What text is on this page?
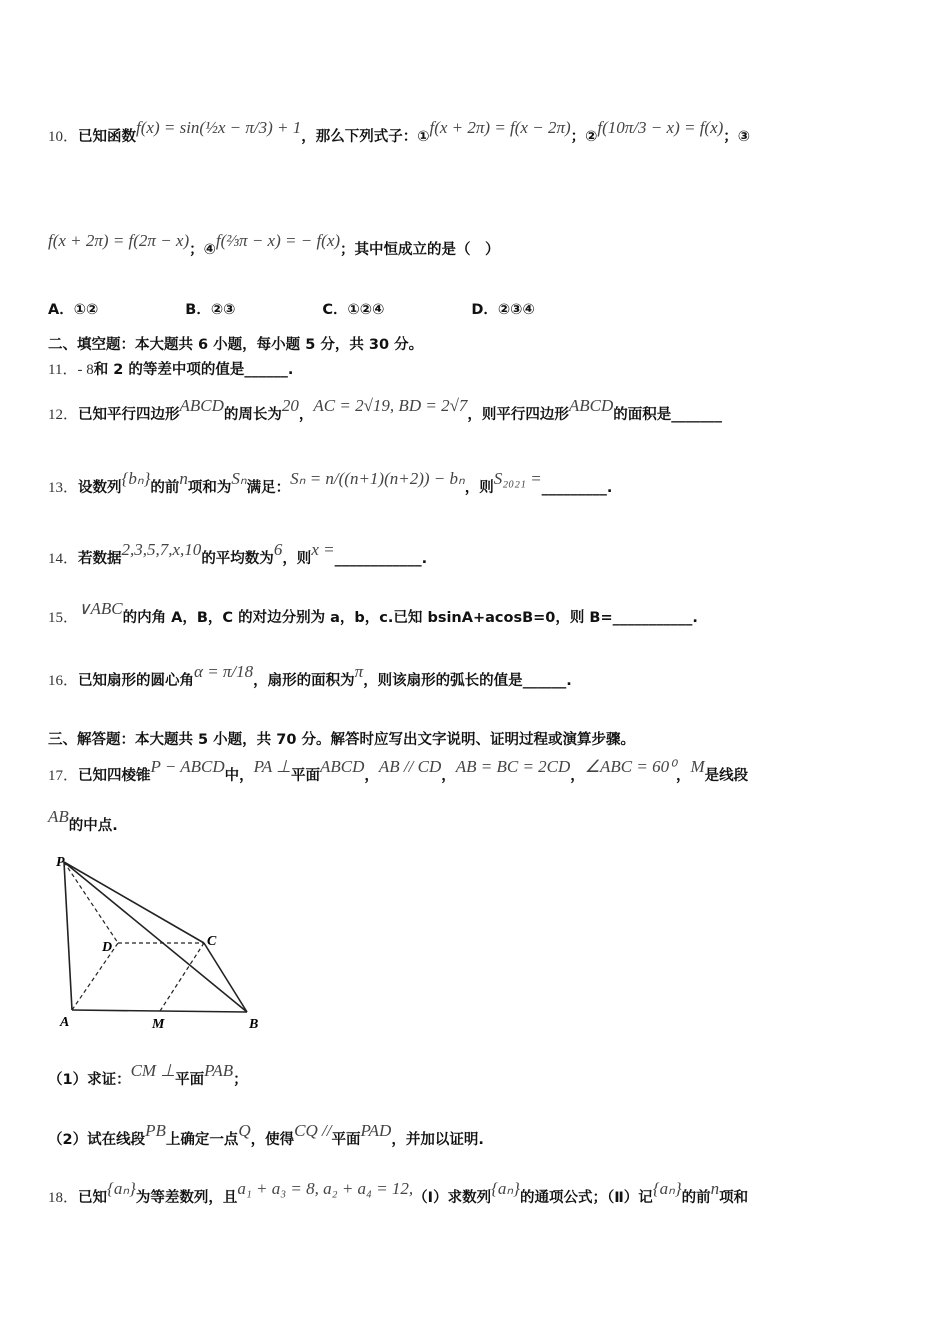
10．已知函数f(x) = sin(½x − π/3) + 1，那么下列式子：①f(x + 2π) = f(x − 2π)；②f(10π/3 − x) = f(x)；③
f(x + 2π) = f(2π − x)；④f(⅔π − x) = − f(x)；其中恒成立的是（　）
A．①②　　　　　　B．②③　　　　　　C．①②④　　　　　　D．②③④
二、填空题：本大题共 6 小题，每小题 5 分，共 30 分。
11．- 8和 2 的等差中项的值是______.
12．已知平行四边形ABCD的周长为20，AC = 2√19, BD = 2√7，则平行四边形ABCD的面积是_______
13．设数列{bₙ}的前n项和为Sₙ满足：Sₙ = n/((n+1)(n+2)) − bₙ，则S₂₀₂₁ =_________.
14．若数据2,3,5,7,x,10的平均数为6，则x =____________.
15．∨ABC的内角 A，B，C 的对边分别为 a，b，c.已知 bsinA+acosB=0，则 B=___________.
16．已知扇形的圆心角α = π/18，扇形的面积为π，则该扇形的弧长的值是______.
三、解答题：本大题共 5 小题，共 70 分。解答时应写出文字说明、证明过程或演算步骤。
17．已知四棱锥P − ABCD中，PA ⊥平面ABCD，AB // CD，AB = BC = 2CD，∠ABC = 60⁰，M是线段
AB的中点.
（1）求证：CM ⊥平面PAB；
（2）试在线段PB上确定一点Q，使得CQ //平面PAD，并加以证明.
18．已知{aₙ}为等差数列，且a₁ + a₃ = 8, a₂ + a₄ = 12,（Ⅰ）求数列{aₙ}的通项公式；（Ⅱ）记{aₙ}的前n项和
P
D	C
A	M	B
